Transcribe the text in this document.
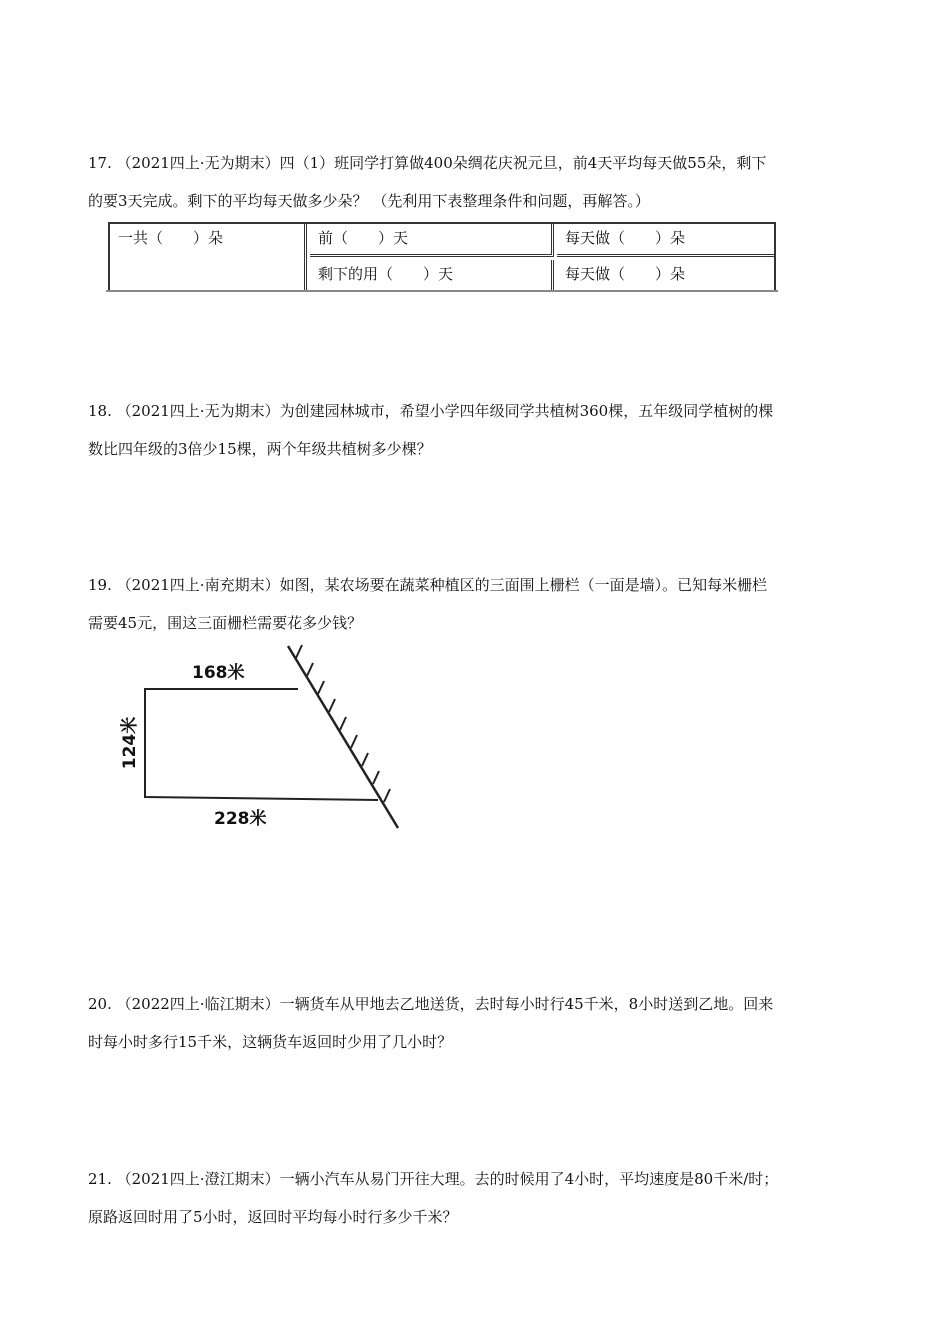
17. （2021四上·无为期末）四（1）班同学打算做400朵绸花庆祝元旦，前4天平均每天做55朵，剩下

的要3天完成。剩下的平均每天做多少朵？ （先利用下表整理条件和问题，再解答。）

一共（　　）朵	前（　　）天	每天做（　　）朵
剩下的用（　　）天	每天做（　　）朵

18. （2021四上·无为期末）为创建园林城市，希望小学四年级同学共植树360棵，五年级同学植树的棵

数比四年级的3倍少15棵，两个年级共植树多少棵？

19. （2021四上·南充期末）如图，某农场要在蔬菜种植区的三面围上栅栏（一面是墙）。已知每米栅栏

需要45元，围这三面栅栏需要花多少钱？

168米
124米
228米

20. （2022四上·临江期末）一辆货车从甲地去乙地送货，去时每小时行45千米，8小时送到乙地。回来

时每小时多行15千米，这辆货车返回时少用了几小时？

21. （2021四上·澄江期末）一辆小汽车从易门开往大理。去的时候用了4小时，平均速度是80千米/时；

原路返回时用了5小时，返回时平均每小时行多少千米？
